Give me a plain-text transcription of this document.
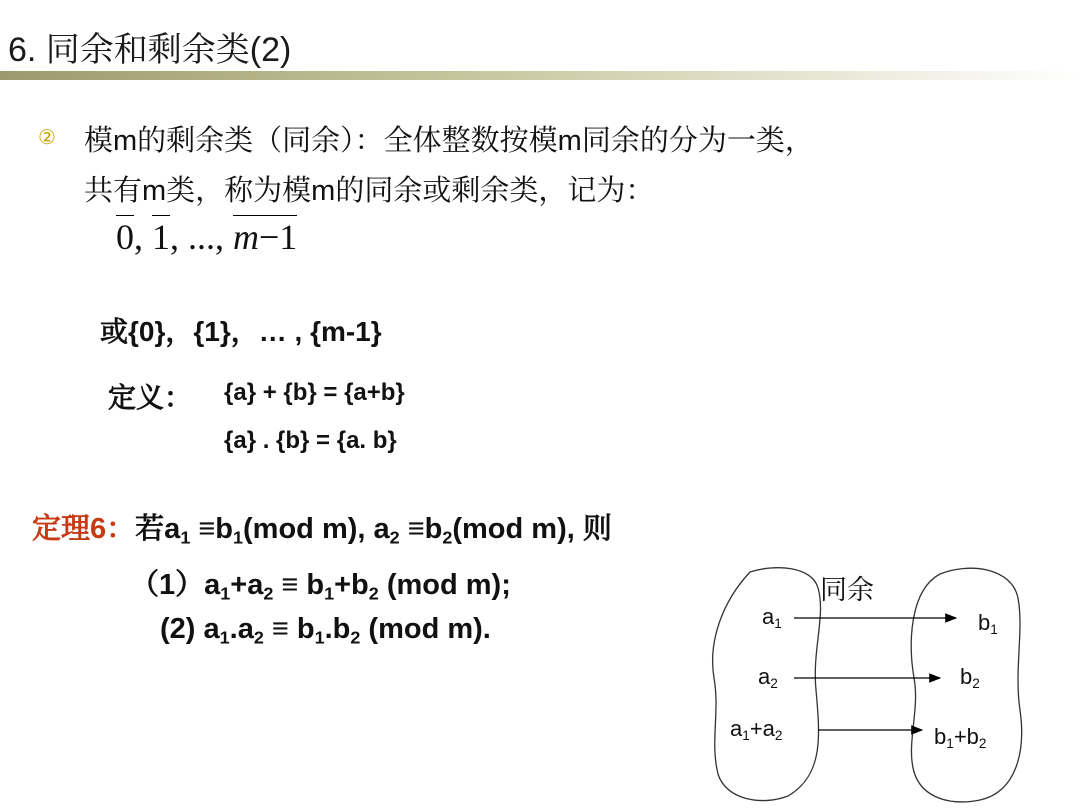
6. 同余和剩余类(2)
② 模m的剩余类（同余）：全体整数按模m同余的分为一类，
共有m类，称为模m的同余或剩余类，记为：
0, 1, ..., m−1
或{0}，{1}，… , {m-1}
定义： {a} + {b} = {a+b}
{a} . {b} = {a. b}
定理6：若$a_1 \equiv b_1(mod$ m), $a_2 \equiv b_2(mod$ m), 则
$(1)a_1+a_2 \equiv b_1+b_2$ (mod m);
(2) $a_1.a_2 \equiv b_1.b_2$ (mod m).
同余
$a_1$
$a_2$
$a_1+a_2$
$b_1$
$b_2$
$b_1+b_2$
